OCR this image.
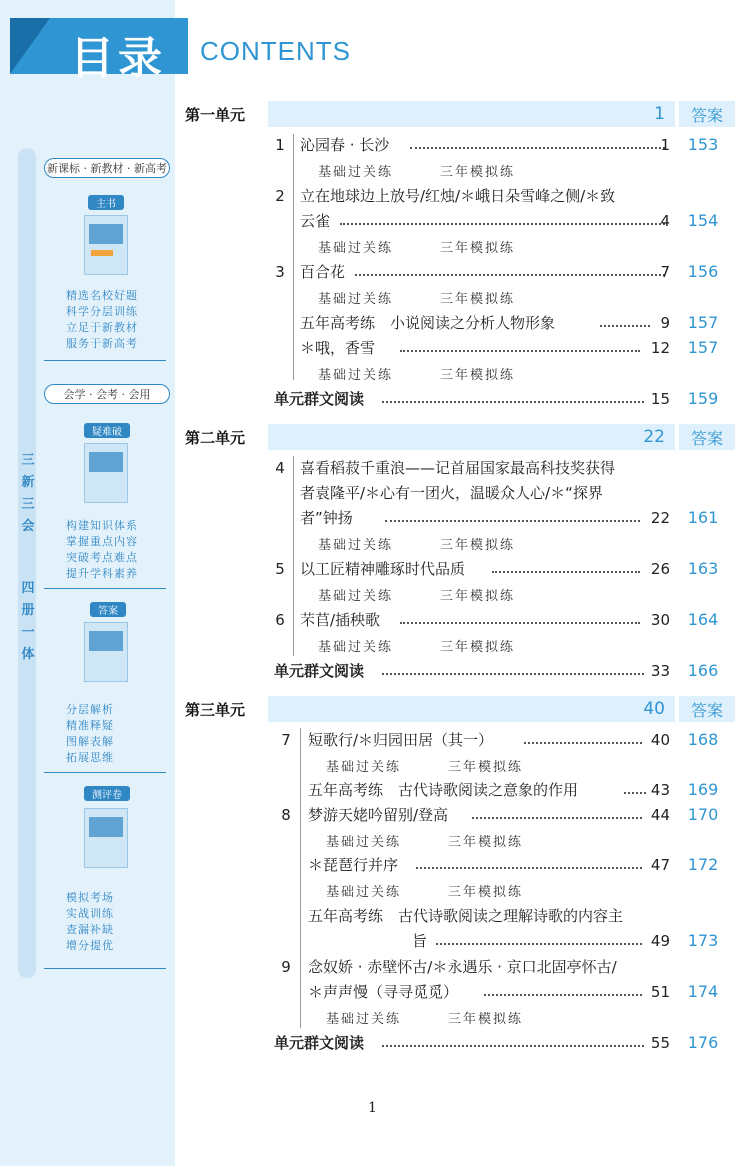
目录 CONTENTS
三新三会
四册一体
新课标 · 新教材 · 新高考
主书
精选名校好题
科学分层训练
立足于新教材
服务于新高考
会学 · 会考 · 会用
疑难破
构建知识体系
掌握重点内容
突破考点难点
提升学科素养
答案
分层解析
精准释疑
图解表解
拓展思维
测评卷
模拟考场
实战训练
查漏补缺
增分提优
第一单元	1	答案
1	沁园春 · 长沙	1	153
基础过关练	三年模拟练
2	立在地球边上放号/红烛/＊峨日朵雪峰之侧/＊致
云雀	4	154
基础过关练	三年模拟练
3	百合花	7	156
基础过关练	三年模拟练
五年高考练　小说阅读之分析人物形象	9	157
＊哦，香雪	12	157
基础过关练	三年模拟练
单元群文阅读	15	159
第二单元	22	答案
4	喜看稻菽千重浪——记首届国家最高科技奖获得
者袁隆平/＊心有一团火，温暖众人心/＊“探界
者”钟扬	22	161
基础过关练	三年模拟练
5	以工匠精神雕琢时代品质	26	163
基础过关练	三年模拟练
6	芣苢/插秧歌	30	164
基础过关练	三年模拟练
单元群文阅读	33	166
第三单元	40	答案
7	短歌行/＊归园田居（其一）	40	168
基础过关练	三年模拟练
五年高考练　古代诗歌阅读之意象的作用	43	169
8	梦游天姥吟留别/登高	44	170
基础过关练	三年模拟练
＊琵琶行并序	47	172
基础过关练	三年模拟练
五年高考练　古代诗歌阅读之理解诗歌的内容主
旨	49	173
9	念奴娇 · 赤壁怀古/＊永遇乐 · 京口北固亭怀古/
＊声声慢（寻寻觅觅）	51	174
基础过关练	三年模拟练
单元群文阅读	55	176
1
